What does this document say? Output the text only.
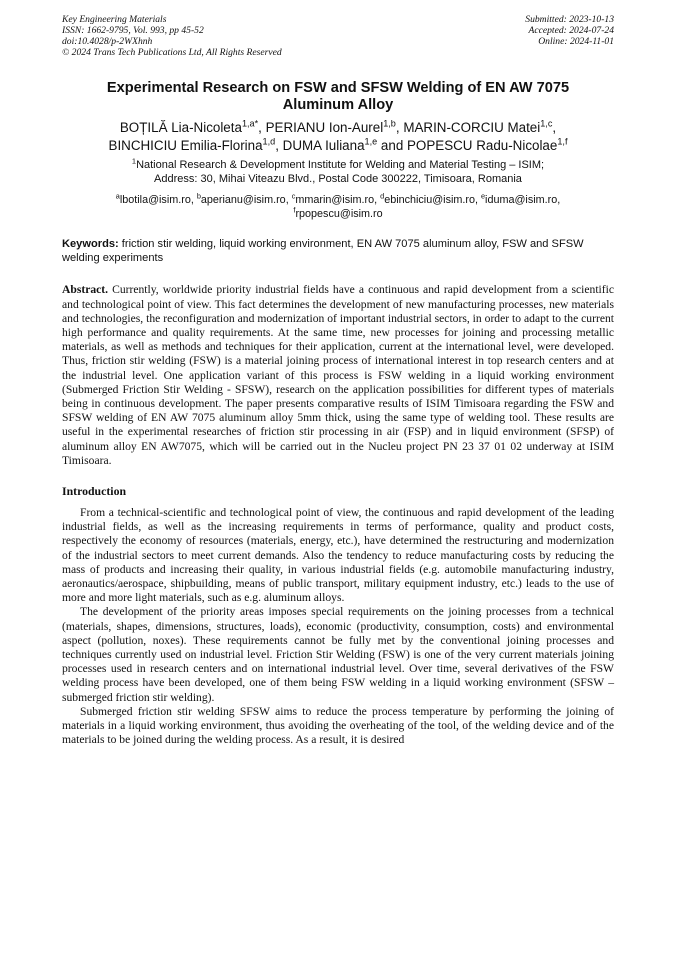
Key Engineering Materials
ISSN: 1662-9795, Vol. 993, pp 45-52
doi:10.4028/p-2WXhnh
© 2024 Trans Tech Publications Ltd, All Rights Reserved
Submitted: 2023-10-13
Accepted: 2024-07-24
Online: 2024-11-01
Experimental Research on FSW and SFSW Welding of EN AW 7075
Aluminum Alloy
BOȚILĂ Lia-Nicoleta$^{1,a*}$, PERIANU Ion-Aurel$^{1,b}$, MARIN-CORCIU Matei$^{1,c}$,
BINCHICIU Emilia-Florina$^{1,d}$, DUMA Iuliana$^{1,e}$ and POPESCU Radu-Nicolae$^{1,f}$
$^1$National Research & Development Institute for Welding and Material Testing – ISIM;
Address: 30, Mihai Viteazu Blvd., Postal Code 300222, Timisoara, Romania
$^a$lbotila@isim.ro, $^b$aperianu@isim.ro, $^c$mmarin@isim.ro, $^d$ebinchiciu@isim.ro, $^e$iduma@isim.ro,
$^f$rpopescu@isim.ro
Keywords: friction stir welding, liquid working environment, EN AW 7075 aluminum alloy, FSW and SFSW welding experiments
Abstract. Currently, worldwide priority industrial fields have a continuous and rapid development from a scientific and technological point of view. This fact determines the development of new manufacturing processes, new materials and technologies, the reconfiguration and modernization of important industrial sectors, in order to adapt to the current high performance and quality requirements. At the same time, new processes for joining and processing metallic materials, as well as methods and techniques for their application, current at the international level, were developed. Thus, friction stir welding (FSW) is a material joining process of international interest in top research centers and at the industrial level. One application variant of this process is FSW welding in a liquid working environment (Submerged Friction Stir Welding - SFSW), research on the application possibilities for different types of materials being in continuous development. The paper presents comparative results of ISIM Timisoara regarding the FSW and SFSW welding of EN AW 7075 aluminum alloy 5mm thick, using the same type of welding tool. These results are useful in the experimental researches of friction stir processing in air (FSP) and in liquid environment (SFSP) of aluminum alloy EN AW7075, which will be carried out in the Nucleu project PN 23 37 01 02 underway at ISIM Timisoara.
Introduction
From a technical-scientific and technological point of view, the continuous and rapid development of the leading industrial fields, as well as the increasing requirements in terms of performance, quality and product costs, respectively the economy of resources (materials, energy, etc.), have determined the restructuring and modernization of the industrial sectors to meet current demands. Also the tendency to reduce manufacturing costs by reducing the mass of products and increasing their quality, in various industrial fields (e.g. automobile manufacturing industry, aeronautics/aerospace, shipbuilding, means of public transport, military equipment industry, etc.) leads to the use of more and more light materials, such as e.g. aluminum alloys.
The development of the priority areas imposes special requirements on the joining processes from a technical (materials, shapes, dimensions, structures, loads), economic (productivity, consumption, costs) and environmental aspect (pollution, noxes). These requirements cannot be fully met by the conventional joining processes and techniques currently used on industrial level. Friction Stir Welding (FSW) is one of the very current materials joining processes used in research centers and on international industrial level. Over time, several derivatives of the FSW welding process have been developed, one of them being FSW welding in a liquid working environment (SFSW – submerged friction stir welding).
Submerged friction stir welding SFSW aims to reduce the process temperature by performing the joining of materials in a liquid working environment, thus avoiding the overheating of the tool, of the welding device and of the materials to be joined during the welding process. As a result, it is desired
